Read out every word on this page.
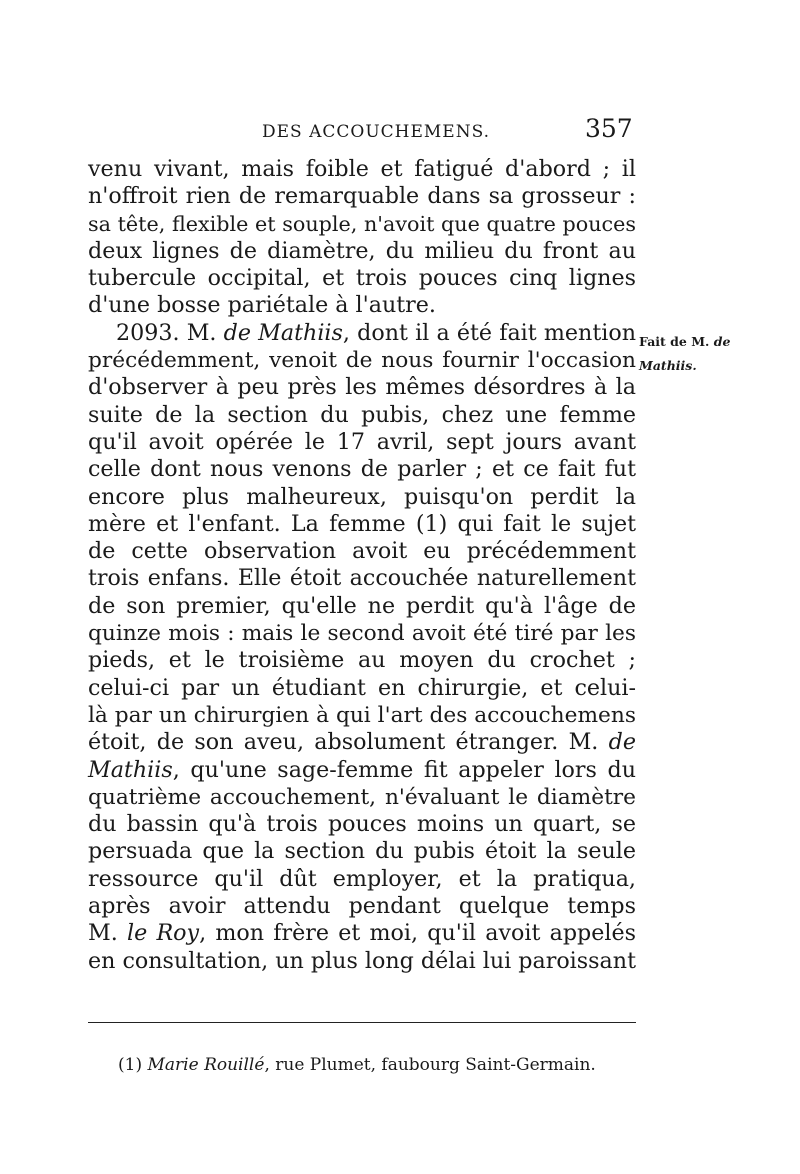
DES ACCOUCHEMENS.	357
venu vivant, mais foible et fatigué d'abord ; il
n'offroit rien de remarquable dans sa grosseur :
sa tête, flexible et souple, n'avoit que quatre pouces
deux lignes de diamètre, du milieu du front au
tubercule occipital, et trois pouces cinq lignes
d'une bosse pariétale à l'autre.
2093. M. de Mathiis, dont il a été fait mention
précédemment, venoit de nous fournir l'occasion
d'observer à peu près les mêmes désordres à la
suite de la section du pubis, chez une femme
qu'il avoit opérée le 17 avril, sept jours avant
celle dont nous venons de parler ; et ce fait fut
encore plus malheureux, puisqu'on perdit la
mère et l'enfant. La femme (1) qui fait le sujet
de cette observation avoit eu précédemment
trois enfans. Elle étoit accouchée naturellement
de son premier, qu'elle ne perdit qu'à l'âge de
quinze mois : mais le second avoit été tiré par les
pieds, et le troisième au moyen du crochet ;
celui-ci par un étudiant en chirurgie, et celui-
là par un chirurgien à qui l'art des accouchemens
étoit, de son aveu, absolument étranger. M. de
Mathiis, qu'une sage-femme fit appeler lors du
quatrième accouchement, n'évaluant le diamètre
du bassin qu'à trois pouces moins un quart, se
persuada que la section du pubis étoit la seule
ressource qu'il dût employer, et la pratiqua,
après avoir attendu pendant quelque temps
M. le Roy, mon frère et moi, qu'il avoit appelés
en consultation, un plus long délai lui paroissant
Fait de M. de
Mathiis.
(1) Marie Rouillé, rue Plumet, faubourg Saint-Germain.
